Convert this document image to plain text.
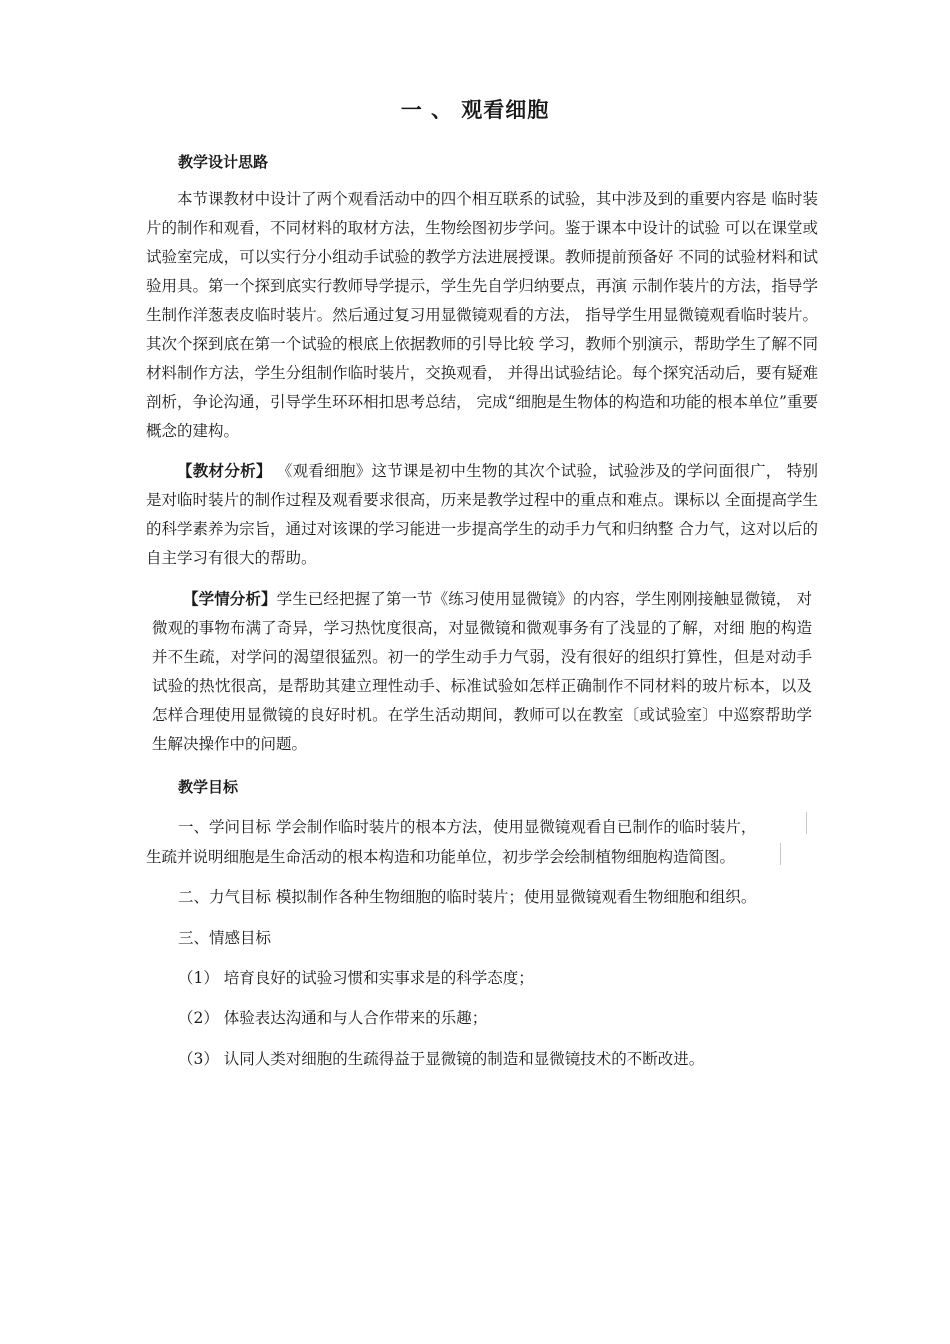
一 、 观看细胞
教学设计思路
本节课教材中设计了两个观看活动中的四个相互联系的试验，其中涉及到的重要内容是 临时装片的制作和观看，不同材料的取材方法，生物绘图初步学问。鉴于课本中设计的试验 可以在课堂或试验室完成，可以实行分小组动手试验的教学方法进展授课。教师提前预备好 不同的试验材料和试验用具。第一个探到底实行教师导学提示，学生先自学归纳要点，再演 示制作装片的方法，指导学生制作洋葱表皮临时装片。然后通过复习用显微镜观看的方法， 指导学生用显微镜观看临时装片。其次个探到底在第一个试验的根底上依据教师的引导比较 学习，教师个别演示，帮助学生了解不同材料制作方法，学生分组制作临时装片，交换观看， 并得出试验结论。每个探究活动后，要有疑难剖析，争论沟通，引导学生环环相扣思考总结， 完成“细胞是生物体的构造和功能的根本单位”重要概念的建构。
【教材分析】 《观看细胞》这节课是初中生物的其次个试验，试验涉及的学问面很广， 特别是对临时装片的制作过程及观看要求很高，历来是教学过程中的重点和难点。课标以 全面提高学生的科学素养为宗旨，通过对该课的学习能进一步提高学生的动手力气和归纳整 合力气，这对以后的自主学习有很大的帮助。
【学情分析】学生已经把握了第一节《练习使用显微镜》的内容，学生刚刚接触显微镜， 对微观的事物布满了奇异，学习热忱度很高，对显微镜和微观事务有了浅显的了解，对细 胞的构造并不生疏，对学问的渴望很猛烈。初一的学生动手力气弱，没有很好的组织打算性，但是对动手试验的热忱很高，是帮助其建立理性动手、标准试验如怎样正确制作不同材料的玻片标本，以及怎样合理使用显微镜的良好时机。在学生活动期间，教师可以在教室〔或试验室〕中巡察帮助学生解决操作中的问题。
教学目标
一、学问目标 学会制作临时装片的根本方法，使用显微镜观看自已制作的临时装片，
生疏并说明细胞是生命活动的根本构造和功能单位，初步学会绘制植物细胞构造简图。
二、力气目标 模拟制作各种生物细胞的临时装片；使用显微镜观看生物细胞和组织。
三、情感目标
（1） 培育良好的试验习惯和实事求是的科学态度；
（2） 体验表达沟通和与人合作带来的乐趣；
（3） 认同人类对细胞的生疏得益于显微镜的制造和显微镜技术的不断改进。
